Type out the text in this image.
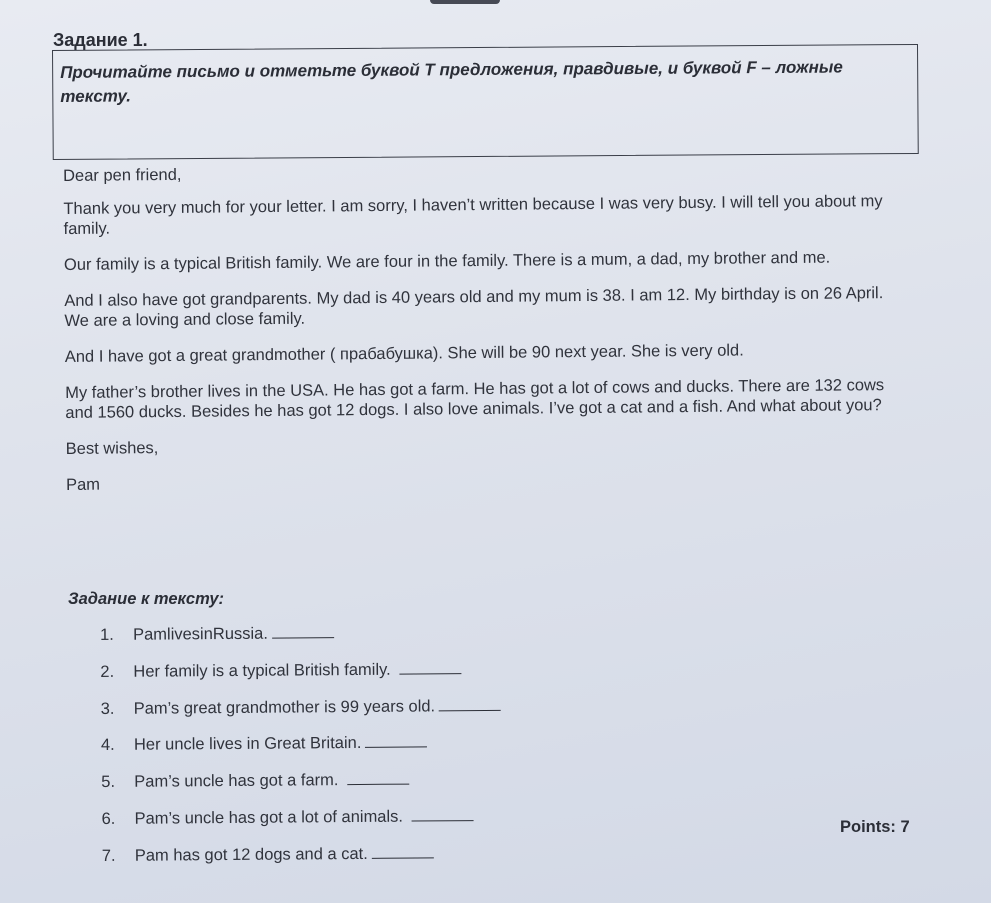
Задание 1.
Прочитайте письмо и отметьте буквой Т предложения, правдивые, и буквой F – ложные тексту.

Dear pen friend,

Thank you very much for your letter. I am sorry, I haven’t written because I was very busy. I will tell you about my family.

Our family is a typical British family. We are four in the family. There is a mum, a dad, my brother and me.

And I also have got grandparents. My dad is 40 years old and my mum is 38. I am 12. My birthday is on 26 April. We are a loving and close family.

And I have got a great grandmother ( прабабушка). She will be 90 next year. She is very old.

My father’s brother lives in the USA. He has got a farm. He has got a lot of cows and ducks. There are 132 cows and 1560 ducks. Besides he has got 12 dogs. I also love animals. I’ve got a cat and a fish. And what about you?

Best wishes,

Pam

Задание к тексту:
1. PamlivesinRussia.
2. Her family is a typical British family.
3. Pam’s great grandmother is 99 years old.
4. Her uncle lives in Great Britain.
5. Pam’s uncle has got a farm.
6. Pam’s uncle has got a lot of animals.
7. Pam has got 12 dogs and a cat.
Points: 7
